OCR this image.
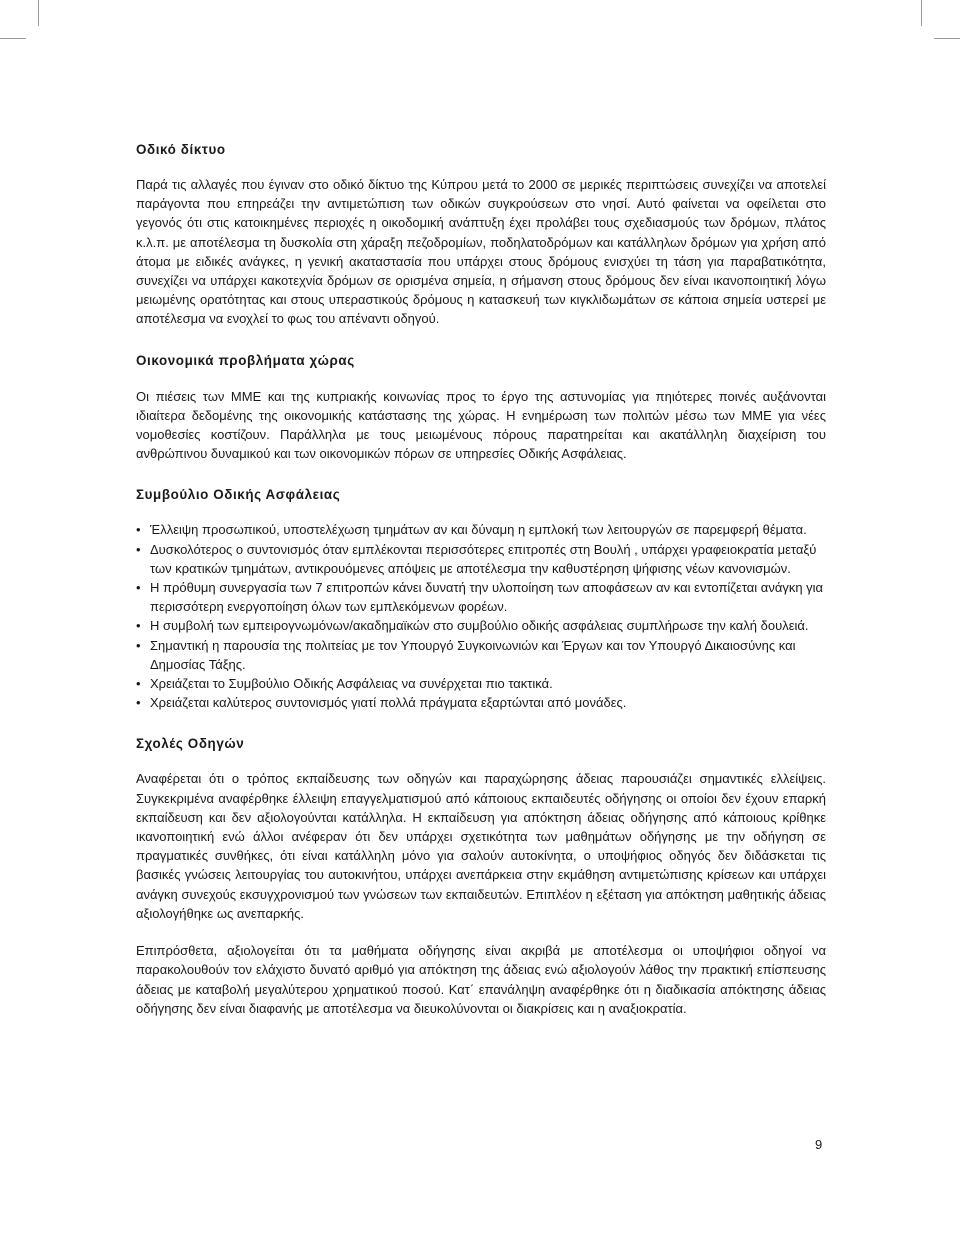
Οδικό δίκτυο

Παρά τις αλλαγές που έγιναν στο οδικό δίκτυο της Κύπρου μετά το 2000 σε μερικές περιπτώσεις συνεχίζει να αποτελεί παράγοντα που επηρεάζει την αντιμετώπιση των οδικών συγκρούσεων στο νησί. Αυτό φαίνεται να οφείλεται στο γεγονός ότι στις κατοικημένες περιοχές η οικοδομική ανάπτυξη έχει προλάβει τους σχεδιασμούς των δρόμων, πλάτος κ.λ.π. με αποτέλεσμα τη δυσκολία στη χάραξη πεζοδρομίων, ποδηλατοδρόμων και κατάλληλων δρόμων για χρήση από άτομα με ειδικές ανάγκες, η γενική ακαταστασία που υπάρχει στους δρόμους ενισχύει τη τάση για παραβατικότητα, συνεχίζει να υπάρχει κακοτεχνία δρόμων σε ορισμένα σημεία, η σήμανση στους δρόμους δεν είναι ικανοποιητική λόγω μειωμένης ορατότητας και στους υπεραστικούς δρόμους η κατασκευή των κιγκλιδωμάτων σε κάποια σημεία υστερεί με αποτέλεσμα να ενοχλεί το φως του απέναντι οδηγού.

Οικονομικά προβλήματα χώρας

Οι πιέσεις των ΜΜΕ και της κυπριακής κοινωνίας προς το έργο της αστυνομίας για πηιότερες ποινές αυξάνονται ιδιαίτερα δεδομένης της οικονομικής κατάστασης της χώρας. Η ενημέρωση των πολιτών μέσω των ΜΜΕ για νέες νομοθεσίες κοστίζουν. Παράλληλα με τους μειωμένους πόρους παρατηρείται και ακατάλληλη διαχείριση του ανθρώπινου δυναμικού και των οικονομικών πόρων σε υπηρεσίες Οδικής Ασφάλειας.

Συμβούλιο Οδικής Ασφάλειας
• Έλλειψη προσωπικού, υποστελέχωση τμημάτων αν και δύναμη η εμπλοκή των λειτουργών σε παρεμφερή θέματα.
• Δυσκολότερος ο συντονισμός όταν εμπλέκονται περισσότερες επιτροπές στη Βουλή , υπάρχει γραφειοκρατία μεταξύ των κρατικών τμημάτων, αντικρουόμενες απόψεις με αποτέλεσμα την καθυστέρηση ψήφισης νέων κανονισμών.
• Η πρόθυμη συνεργασία των 7 επιτροπών κάνει δυνατή την υλοποίηση των αποφάσεων αν και εντοπίζεται ανάγκη για περισσότερη ενεργοποίηση όλων των εμπλεκόμενων φορέων.
• Η συμβολή των εμπειρογνωμόνων/ακαδημαϊκών στο συμβούλιο οδικής ασφάλειας συμπλήρωσε την καλή δουλειά.
• Σημαντική η παρουσία της πολιτείας με τον Υπουργό Συγκοινωνιών και Έργων και τον Υπουργό Δικαιοσύνης και Δημοσίας Τάξης.
• Χρειάζεται το Συμβούλιο Οδικής Ασφάλειας να συνέρχεται πιο τακτικά.
• Χρειάζεται καλύτερος συντονισμός γιατί πολλά πράγματα εξαρτώνται από μονάδες.
Σχολές Οδηγών

Αναφέρεται ότι ο τρόπος εκπαίδευσης των οδηγών και παραχώρησης άδειας παρουσιάζει σημαντικές ελλείψεις. Συγκεκριμένα αναφέρθηκε έλλειψη επαγγελματισμού από κάποιους εκπαιδευτές οδήγησης οι οποίοι δεν έχουν επαρκή εκπαίδευση και δεν αξιολογούνται κατάλληλα. Η εκπαίδευση για απόκτηση άδειας οδήγησης από κάποιους κρίθηκε ικανοποιητική ενώ άλλοι ανέφεραν ότι δεν υπάρχει σχετικότητα των μαθημάτων οδήγησης με την οδήγηση σε πραγματικές συνθήκες, ότι είναι κατάλληλη μόνο για σαλούν αυτοκίνητα, ο υποψήφιος οδηγός δεν διδάσκεται τις βασικές γνώσεις λειτουργίας του αυτοκινήτου, υπάρχει ανεπάρκεια στην εκμάθηση αντιμετώπισης κρίσεων και υπάρχει ανάγκη συνεχούς εκσυγχρονισμού των γνώσεων των εκπαιδευτών. Επιπλέον η εξέταση για απόκτηση μαθητικής άδειας αξιολογήθηκε ως ανεπαρκής.

Επιπρόσθετα, αξιολογείται ότι τα μαθήματα οδήγησης είναι ακριβά με αποτέλεσμα οι υποψήφιοι οδηγοί να παρακολουθούν τον ελάχιστο δυνατό αριθμό για απόκτηση της άδειας ενώ αξιολογούν λάθος την πρακτική επίσπευσης άδειας με καταβολή μεγαλύτερου χρηματικού ποσού. Κατ΄ επανάληψη αναφέρθηκε ότι η διαδικασία απόκτησης άδειας οδήγησης δεν είναι διαφανής με αποτέλεσμα να διευκολύνονται οι διακρίσεις και η αναξιοκρατία.

9
